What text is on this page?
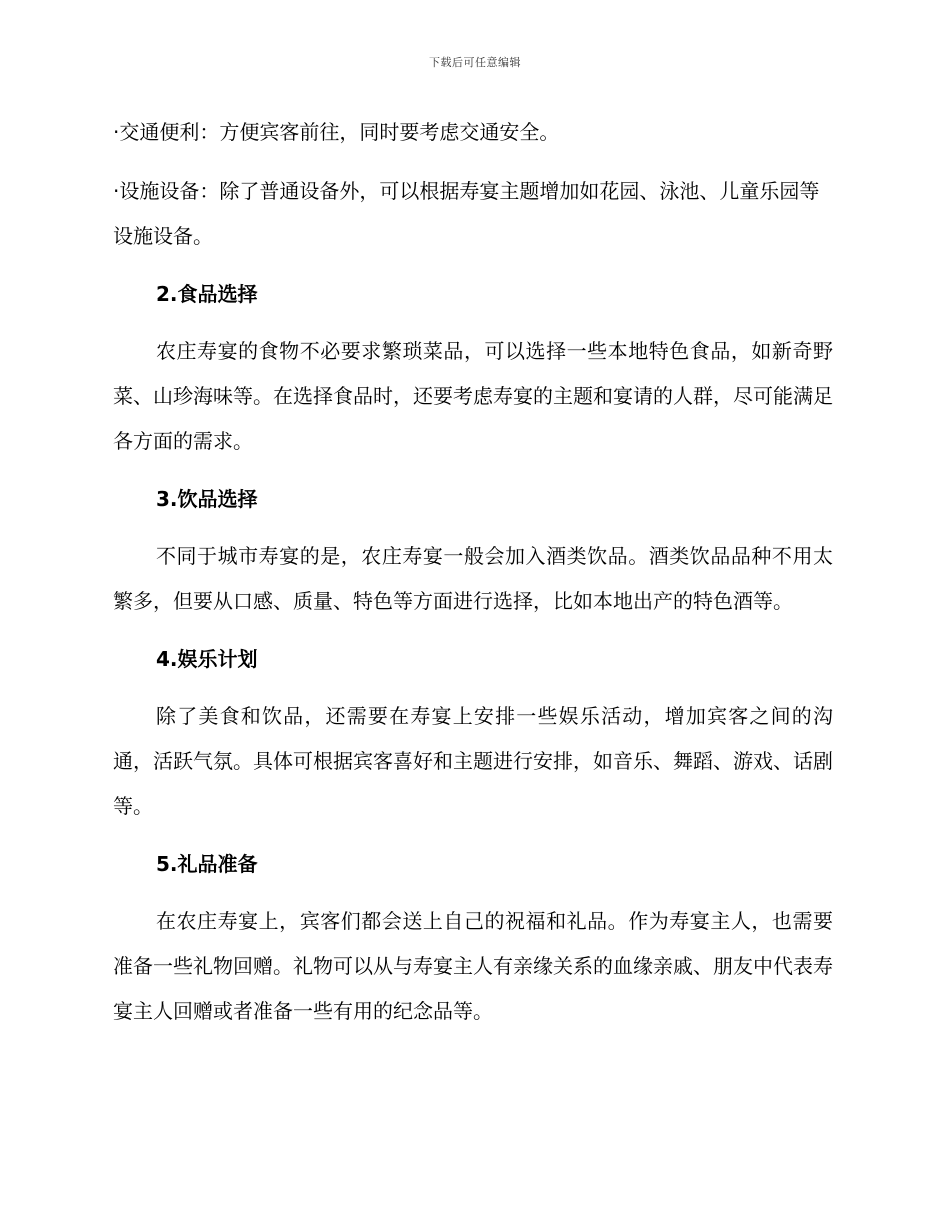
下载后可任意编辑

·交通便利：方便宾客前往，同时要考虑交通安全。

·设施设备：除了普通设备外，可以根据寿宴主题增加如花园、泳池、儿童乐园等设施设备。

2.食品选择

农庄寿宴的食物不必要求繁琐菜品，可以选择一些本地特色食品，如新奇野菜、山珍海味等。在选择食品时，还要考虑寿宴的主题和宴请的人群，尽可能满足各方面的需求。

3.饮品选择

不同于城市寿宴的是，农庄寿宴一般会加入酒类饮品。酒类饮品品种不用太繁多，但要从口感、质量、特色等方面进行选择，比如本地出产的特色酒等。

4.娱乐计划

除了美食和饮品，还需要在寿宴上安排一些娱乐活动，增加宾客之间的沟通，活跃气氛。具体可根据宾客喜好和主题进行安排，如音乐、舞蹈、游戏、话剧等。

5.礼品准备

在农庄寿宴上，宾客们都会送上自己的祝福和礼品。作为寿宴主人，也需要准备一些礼物回赠。礼物可以从与寿宴主人有亲缘关系的血缘亲戚、朋友中代表寿宴主人回赠或者准备一些有用的纪念品等。
